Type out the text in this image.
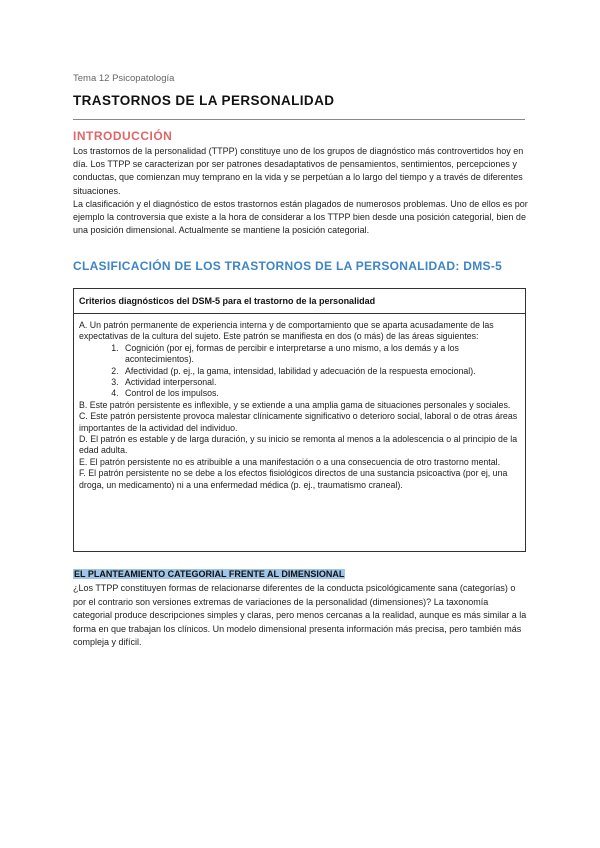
Tema 12 Psicopatología
TRASTORNOS DE LA PERSONALIDAD
INTRODUCCIÓN

Los trastornos de la personalidad (TTPP) constituye uno de los grupos de diagnóstico más controvertidos hoy en día. Los TTPP se caracterizan por ser patrones desadaptativos de pensamientos, sentimientos, percepciones y conductas, que comienzan muy temprano en la vida y se perpetúan a lo largo del tiempo y a través de diferentes situaciones.

La clasificación y el diagnóstico de estos trastornos están plagados de numerosos problemas. Uno de ellos es por ejemplo la controversia que existe a la hora de considerar a los TTPP bien desde una posición categorial, bien de una posición dimensional. Actualmente se mantiene la posición categorial.

CLASIFICACIÓN DE LOS TRASTORNOS DE LA PERSONALIDAD: DMS-5
Criterios diagnósticos del DSM-5 para el trastorno de la personalidad

A. Un patrón permanente de experiencia interna y de comportamiento que se aparta acusadamente de las expectativas de la cultura del sujeto. Este patrón se manifiesta en dos (o más) de las áreas siguientes:

1. Cognición (por ej, formas de percibir e interpretarse a uno mismo, a los demás y a los acontecimientos).
2. Afectividad (p. ej., la gama, intensidad, labilidad y adecuación de la respuesta emocional).
3. Actividad interpersonal.
4. Control de los impulsos.

B. Este patrón persistente es inflexible, y se extiende a una amplia gama de situaciones personales y sociales.

C. Este patrón persistente provoca malestar clínicamente significativo o deterioro social, laboral o de otras áreas importantes de la actividad del individuo.

D. El patrón es estable y de larga duración, y su inicio se remonta al menos a la adolescencia o al principio de la edad adulta.

E. El patrón persistente no es atribuible a una manifestación o a una consecuencia de otro trastorno mental.

F. El patrón persistente no se debe a los efectos fisiológicos directos de una sustancia psicoactiva (por ej, una droga, un medicamento) ni a una enfermedad médica (p. ej., traumatismo craneal).

EL PLANTEAMIENTO CATEGORIAL FRENTE AL DIMENSIONAL

¿Los TTPP constituyen formas de relacionarse diferentes de la conducta psicológicamente sana (categorías) o por el contrario son versiones extremas de variaciones de la personalidad (dimensiones)? La taxonomía categorial produce descripciones simples y claras, pero menos cercanas a la realidad, aunque es más similar a la forma en que trabajan los clínicos. Un modelo dimensional presenta información más precisa, pero también más compleja y difícil.
